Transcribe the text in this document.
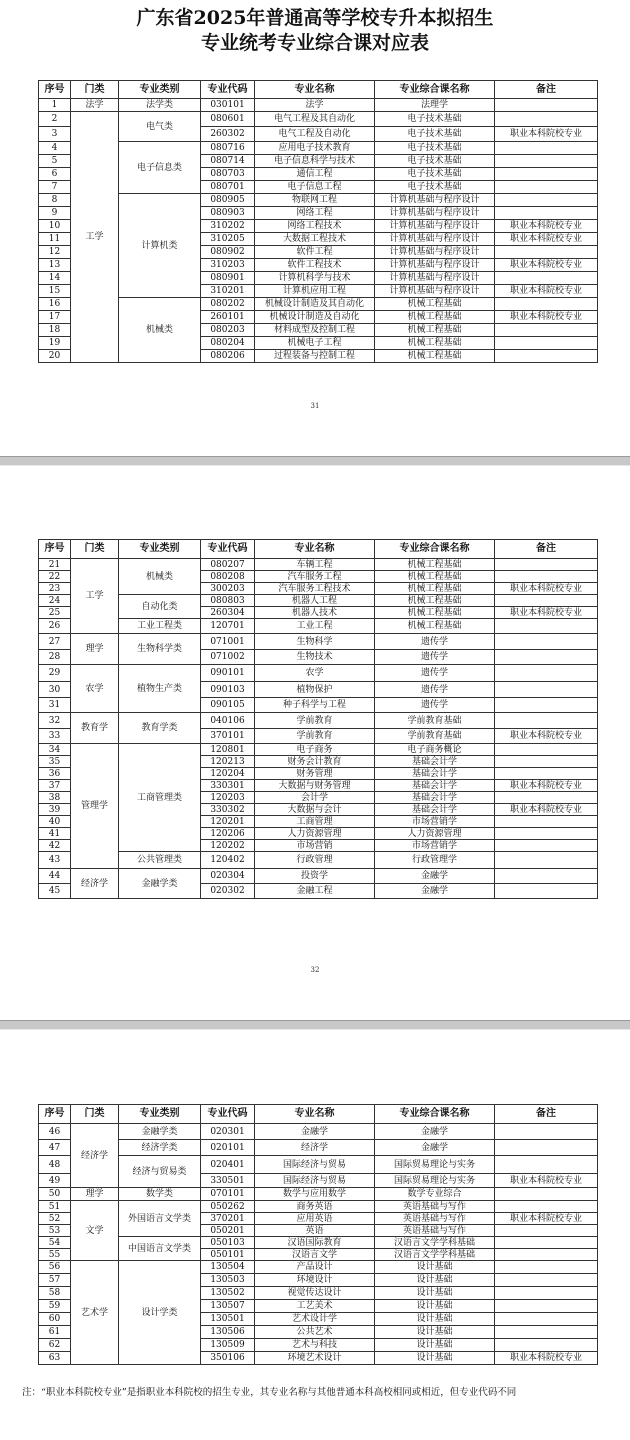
广东省2025年普通高等学校专升本拟招生
专业统考专业综合课对应表
序号	门类	专业类别	专业代码	专业名称	专业综合课名称	备注
1	法学	法学类	030101	法学	法理学	
2	工学	电气类	080601	电气工程及其自动化	电子技术基础	
3			260302	电气工程及自动化	电子技术基础	职业本科院校专业
4		电子信息类	080716	应用电子技术教育	电子技术基础	
5			080714	电子信息科学与技术	电子技术基础	
6			080703	通信工程	电子技术基础	
7			080701	电子信息工程	电子技术基础	
8		计算机类	080905	物联网工程	计算机基础与程序设计	
9			080903	网络工程	计算机基础与程序设计	
10			310202	网络工程技术	计算机基础与程序设计	职业本科院校专业
11			310205	大数据工程技术	计算机基础与程序设计	职业本科院校专业
12			080902	软件工程	计算机基础与程序设计	
13			310203	软件工程技术	计算机基础与程序设计	职业本科院校专业
14			080901	计算机科学与技术	计算机基础与程序设计	
15			310201	计算机应用工程	计算机基础与程序设计	职业本科院校专业
16		机械类	080202	机械设计制造及其自动化	机械工程基础	
17			260101	机械设计制造及自动化	机械工程基础	职业本科院校专业
18			080203	材料成型及控制工程	机械工程基础	
19			080204	机械电子工程	机械工程基础	
20			080206	过程装备与控制工程	机械工程基础	
31
序号	门类	专业类别	专业代码	专业名称	专业综合课名称	备注
21	工学	机械类	080207	车辆工程	机械工程基础	
22			080208	汽车服务工程	机械工程基础	
23			300203	汽车服务工程技术	机械工程基础	职业本科院校专业
24		自动化类	080803	机器人工程	机械工程基础	
25			260304	机器人技术	机械工程基础	职业本科院校专业
26		工业工程类	120701	工业工程	机械工程基础	
27	理学	生物科学类	071001	生物科学	遗传学	
28			071002	生物技术	遗传学	
29	农学	植物生产类	090101	农学	遗传学	
30			090103	植物保护	遗传学	
31			090105	种子科学与工程	遗传学	
32	教育学	教育学类	040106	学前教育	学前教育基础	
33			370101	学前教育	学前教育基础	职业本科院校专业
34	管理学	工商管理类	120801	电子商务	电子商务概论	
35			120213	财务会计教育	基础会计学	
36			120204	财务管理	基础会计学	
37			330301	大数据与财务管理	基础会计学	职业本科院校专业
38			120203	会计学	基础会计学	
39			330302	大数据与会计	基础会计学	职业本科院校专业
40			120201	工商管理	市场营销学	
41			120206	人力资源管理	人力资源管理	
42			120202	市场营销	市场营销学	
43		公共管理类	120402	行政管理	行政管理学	
44	经济学	金融学类	020304	投资学	金融学	
45			020302	金融工程	金融学	
32
序号	门类	专业类别	专业代码	专业名称	专业综合课名称	备注
46	经济学	金融学类	020301	金融学	金融学	
47		经济学类	020101	经济学	金融学	
48		经济与贸易类	020401	国际经济与贸易	国际贸易理论与实务	
49			330501	国际经济与贸易	国际贸易理论与实务	职业本科院校专业
50	理学	数学类	070101	数学与应用数学	数学专业综合	
51	文学	外国语言文学类	050262	商务英语	英语基础与写作	
52			370201	应用英语	英语基础与写作	职业本科院校专业
53			050201	英语	英语基础与写作	
54		中国语言文学类	050103	汉语国际教育	汉语言文学学科基础	
55			050101	汉语言文学	汉语言文学学科基础	
56	艺术学	设计学类	130504	产品设计	设计基础	
57			130503	环境设计	设计基础	
58			130502	视觉传达设计	设计基础	
59			130507	工艺美术	设计基础	
60			130501	艺术设计学	设计基础	
61			130506	公共艺术	设计基础	
62			130509	艺术与科技	设计基础	
63			350106	环境艺术设计	设计基础	职业本科院校专业
注：“职业本科院校专业”是指职业本科院校的招生专业，其专业名称与其他普通本科高校相同或相近，但专业代码不同
